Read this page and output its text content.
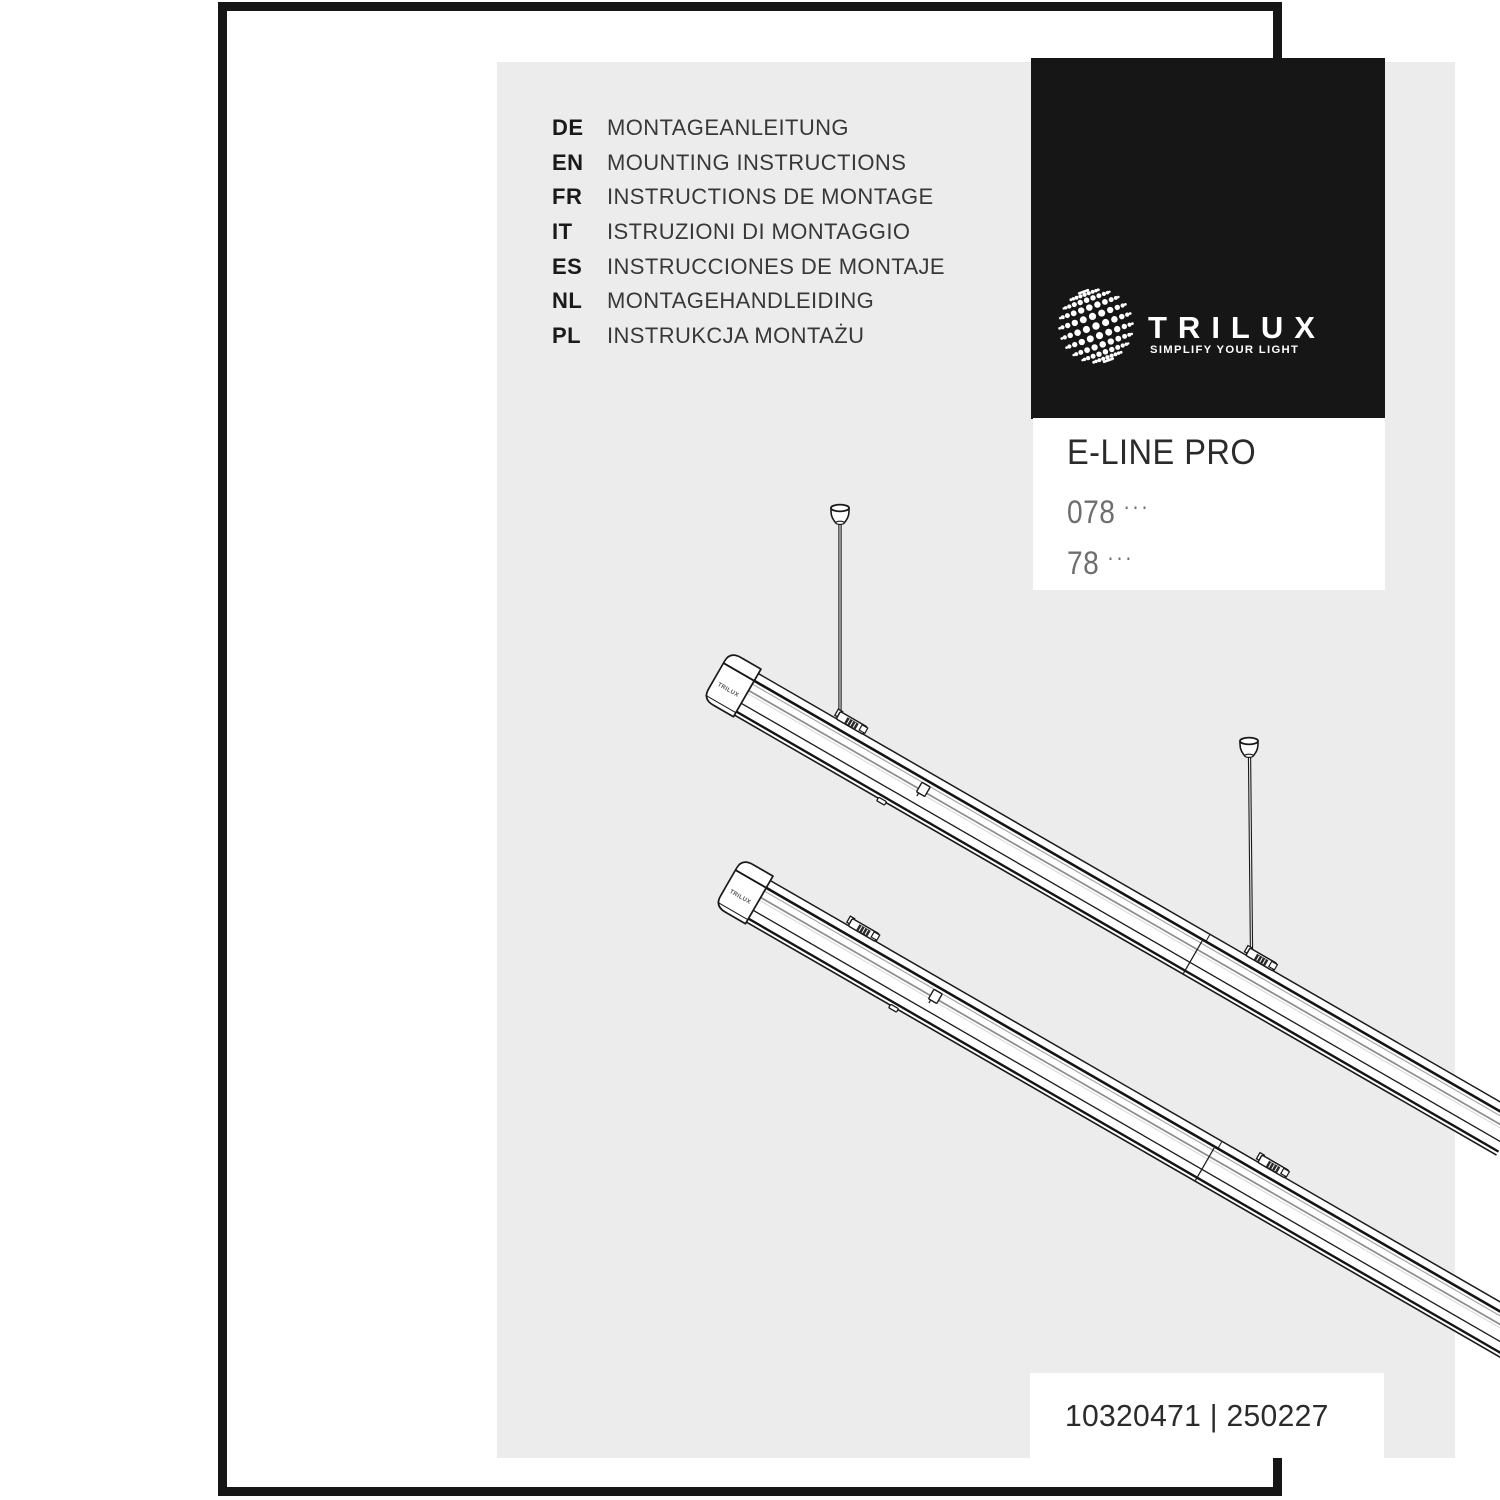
TRILUX
DE	MONTAGEANLEITUNG
EN	MOUNTING INSTRUCTIONS
FR	INSTRUCTIONS DE MONTAGE
IT	ISTRUZIONI DI MONTAGGIO
ES	INSTRUCCIONES DE MONTAJE
NL	MONTAGEHANDLEIDING
PL	INSTRUKCJA MONTAŻU	TRILUX
SIMPLIFY YOUR LIGHT
E-LINE PRO
078 ···
78 ···
10320471 | 250227
